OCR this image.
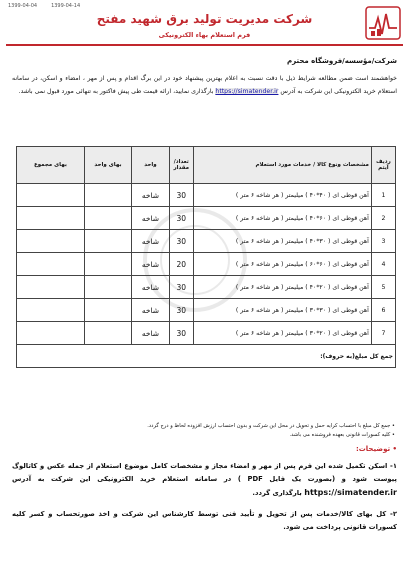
1399-04-04	1399-04-14
شرکت مدیریت تولید برق شهید مفتح
فرم استعلام بهاء الکترونیکی
شرکت/مؤسسه/فروشگاه محترم
خواهشمند است ضمن مطالعه شرایط ذیل با دقت نسبت به اعلام بهترین پیشنهاد خود در این برگ اقدام و پس از مهر ، امضاء و اسکن، در سامانه استعلام خرید الکترونیکی این شرکت به آدرس https://simatender.ir بارگذاری نمایید، ارائه قیمت طی پیش فاکتور به تنهائی مورد قبول نمی باشد.
ردیف آیتم	مشخصات ونوع کالا / خدمات مورد استعلام	تعداد/ مقدار	واحد	بهای واحد	بهای مجموع
1	آهن قوطی ای ( ۴۰*۴۰ ) میلیمتر ( هر شاخه ۶ متر )	30	شاخه		
2	آهن قوطی ای ( ۶۰*۴۰ ) میلیمتر ( هر شاخه ۶ متر )	30	شاخه		
3	آهن قوطی ای ( ۳۰*۴۰ ) میلیمتر ( هر شاخه ۶ متر )	30	شاخه		
4	آهن قوطی ای ( ۶۰*۶۰ ) میلیمتر ( هر شاخه ۶ متر )	20	شاخه		
5	آهن قوطی ای ( ۲۰*۴۰ ) میلیمتر ( هر شاخه ۶ متر )	30	شاخه		
6	آهن قوطی ای ( ۳۰*۳۰ ) میلیمتر ( هر شاخه ۶ متر )	30	شاخه		
7	آهن قوطی ای ( ۲۰*۳۰ ) میلیمتر ( هر شاخه ۶ متر )	30	شاخه		
جمع کل مبلغ(به حروف):					
• جمع کل مبلغ با احتساب کرایه حمل و تحویل در محل این شرکت و بدون احتساب ارزش افزوده لحاظ و درج گردد.
• کلیه کسورات قانونی بعهده فروشنده می باشد.
• توضیحات:
۱- اسکن تکمیل شده این فرم پس از مهر و امضاء مجاز و مشخصات کامل موضوع استعلام از جمله عکس و کاتالوگ پیوست شود و (بصورت یک فایل PDF ) در سامانه استعلام خرید الکترونیکی این شرکت به آدرس https://simatender.ir بارگذاری گردد.
۲- کل بهای کالا/خدمات پس از تحویل و تأیید فنی توسط کارشناس این شرکت و اخذ صورتحساب و کسر کلیه کسورات قانونی پرداخت می شود.
